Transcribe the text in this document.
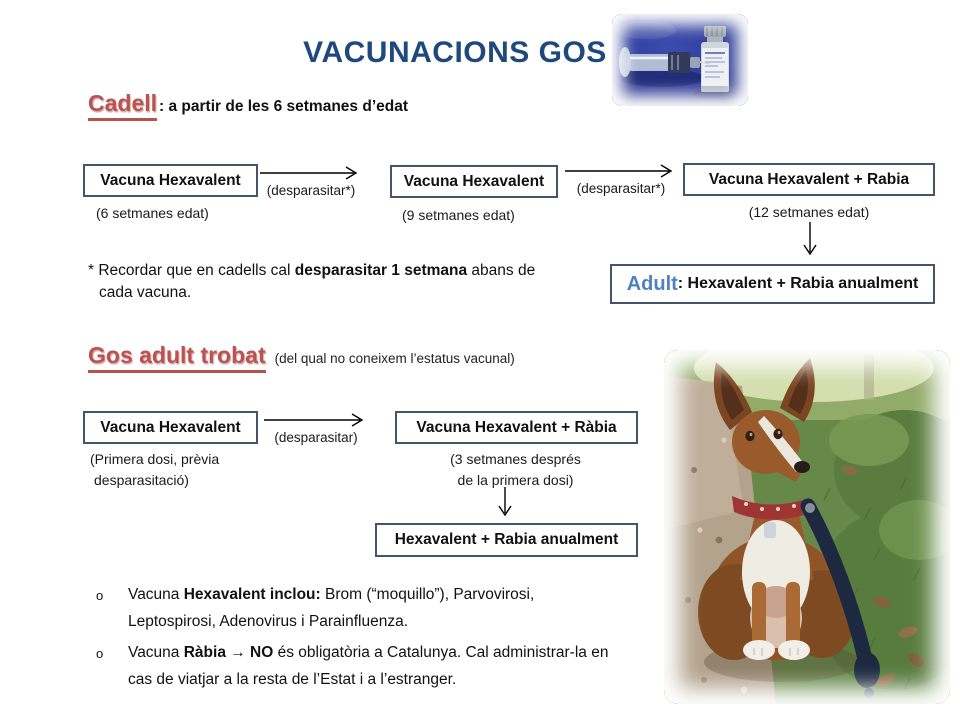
VACUNACIONS GOS
Cadell : a partir de les 6 setmanes d’edat
Vacuna Hexavalent
(6 setmanes edat)
(desparasitar*)
Vacuna Hexavalent
(9 setmanes edat)
(desparasitar*)
Vacuna Hexavalent + Rabia
(12 setmanes edat)
* Recordar que en cadells cal desparasitar 1 setmana abans de
cada vacuna.	Adult : Hexavalent + Rabia anualment
Gos adult trobat (del qual no coneixem l’estatus vacunal)
Vacuna Hexavalent
(Primera dosi, prèvia
desparasitació)
(desparasitar)
Vacuna Hexavalent + Ràbia
(3 setmanes després
de la primera dosi)
Hexavalent + Rabia anualment
o Vacuna Hexavalent inclou: Brom (“moquillo”), Parvovirosi,
Leptospirosi, Adenovirus i Parainfluenza.
o Vacuna Ràbia → NO és obligatòria a Catalunya. Cal administrar-la en
cas de viatjar a la resta de l’Estat i a l’estranger.
